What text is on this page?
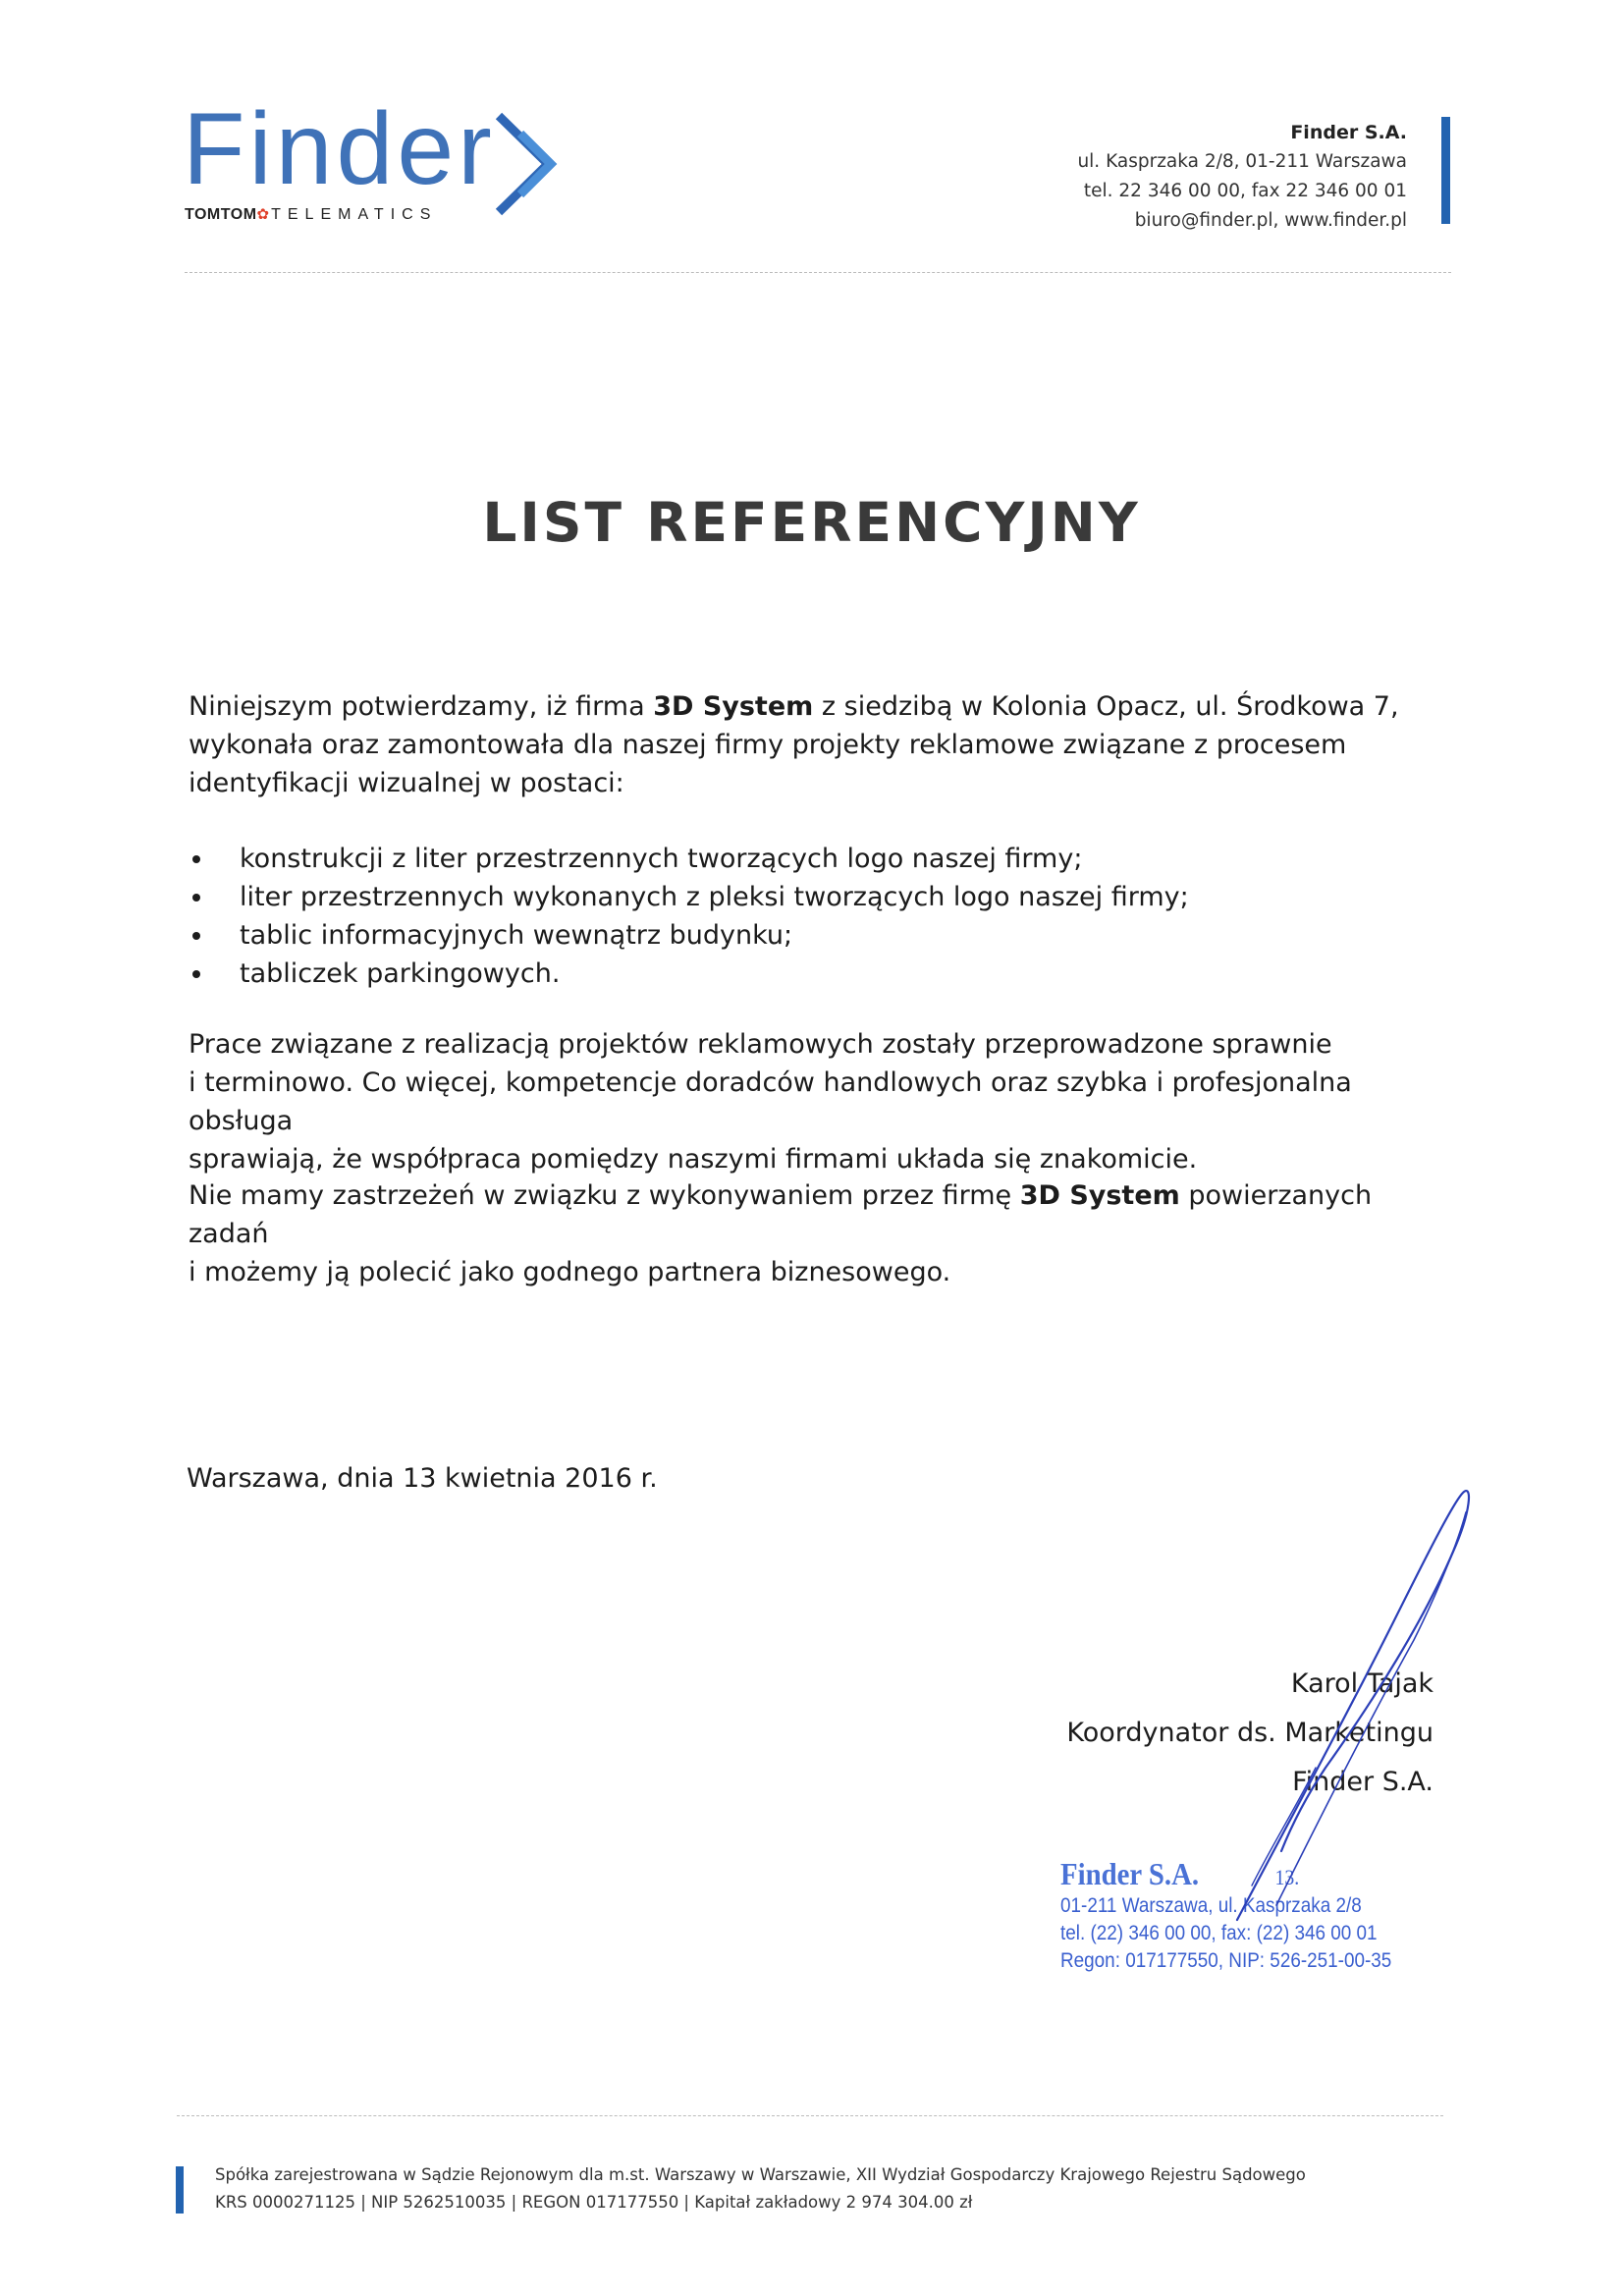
Finder
TOMTOM✿TELEMATICS
Finder S.A.
ul. Kasprzaka 2/8, 01-211 Warszawa
tel. 22 346 00 00, fax 22 346 00 01
biuro@finder.pl, www.finder.pl
LIST REFERENCYJNY
Niniejszym potwierdzamy, iż firma 3D System z siedzibą w Kolonia Opacz, ul. Środkowa 7,
wykonała oraz zamontowała dla naszej firmy projekty reklamowe związane z procesem
identyfikacji wizualnej w postaci:
konstrukcji z liter przestrzennych tworzących logo naszej firmy;
liter przestrzennych wykonanych z pleksi tworzących logo naszej firmy;
tablic informacyjnych wewnątrz budynku;
tabliczek parkingowych.
Prace związane z realizacją projektów reklamowych zostały przeprowadzone sprawnie
i terminowo. Co więcej, kompetencje doradców handlowych oraz szybka i profesjonalna obsługa
sprawiają, że współpraca pomiędzy naszymi firmami układa się znakomicie.
Nie mamy zastrzeżeń w związku z wykonywaniem przez firmę 3D System powierzanych zadań
i możemy ją polecić jako godnego partnera biznesowego.
Warszawa, dnia 13 kwietnia 2016 r.
Karol Tajak
Koordynator ds. Marketingu
Finder S.A.
Finder S.A.	13.
01-211 Warszawa, ul. Kasprzaka 2/8
tel. (22) 346 00 00, fax: (22) 346 00 01
Regon: 017177550, NIP: 526-251-00-35
Spółka zarejestrowana w Sądzie Rejonowym dla m.st. Warszawy w Warszawie, XII Wydział Gospodarczy Krajowego Rejestru Sądowego
KRS 0000271125 | NIP 5262510035 | REGON 017177550 | Kapitał zakładowy 2 974 304.00 zł
